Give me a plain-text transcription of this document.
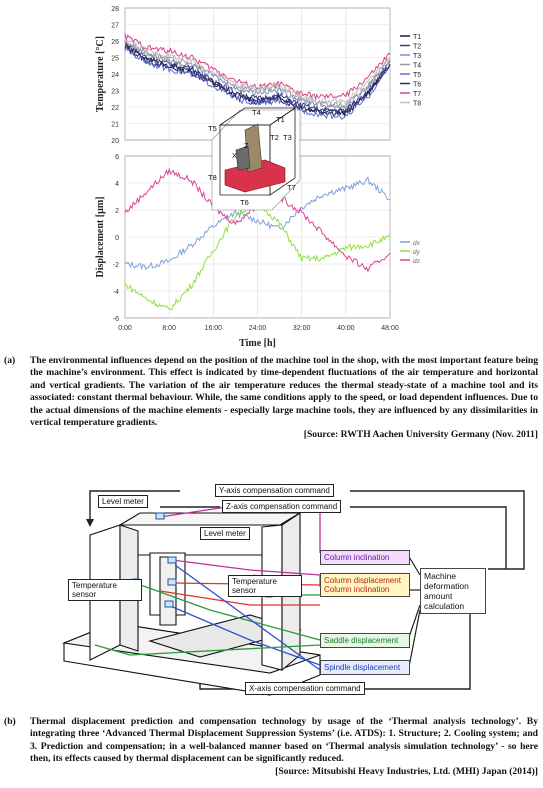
28
27
26
25
24
23
22
21
20
T1
T2
T3
T4
T5
T6
T7
T8
Temperature [°C]
6
4
2
0
-2
-4
-6
0:00	8:00	16:00	24:00	32:00	40:00	48:00
dx
dy
dz
Displacement [µm]
Time [h]
T1
T2 T3
T4
T5
T6
T7
T8
Z
X
(a) The environmental influences depend on the position of the machine tool in the shop, with the most important feature being the machine’s environment. This effect is indicated by time-dependent fluctuations of the air temperature and horizontal and vertical gradients. The variation of the air temperature reduces the thermal steady-state of a machine tool and its associated: constant thermal behaviour. While, the same conditions apply to the speed, or load dependent influences. Due to the actual dimensions of the machine elements - especially large machine tools, they are influenced by any dissimilarities in vertical temperature gradients.
[Source: RWTH Aachen University Germany (Nov. 2011]
Y-axis compensation command
Z-axis compensation command
X-axis compensation command
Level meter
Level meter
Temperature sensor
Temperature sensor
Column inclination
Column displacement
Column inclination
Saddle displacement
Spindle displacement
Machine deformation amount calculation
(b) Thermal displacement prediction and compensation technology by usage of the ‘Thermal analysis technology’. By integrating three ‘Advanced Thermal Displacement Suppression Systems’ (i.e. ATDS): 1. Structure; 2. Cooling system; and 3. Prediction and compensation; in a well-balanced manner based on ‘Thermal analysis simulation technology’ - so here then, its effects caused by thermal displacement can be significantly reduced.
[Source: Mitsubishi Heavy Industries, Ltd. (MHI) Japan (2014)]
